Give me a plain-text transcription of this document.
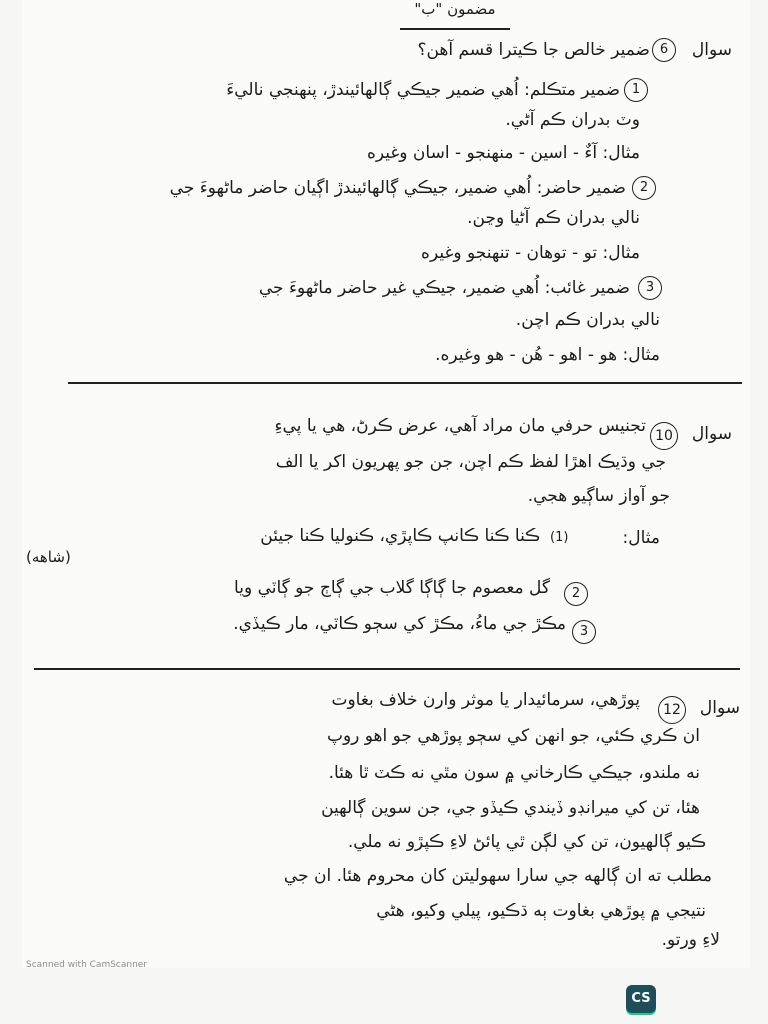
مضمون "ب"
ضمير خالص جا ڪيترا قسم آهن؟ 6	سوال
ضمير متڪلم: اُهي ضمير جيڪي ڳالهائيندڙ، پنهنجي ناليءَ 1
وٽ بدران ڪم آڻي.
مثال: آءٌ - اسين - منهنجو - اسان وغيره
ضمير حاضر: اُهي ضمير، جيڪي ڳالهائيندڙ اڳيان حاضر ماڻهوءَ جي	2
نالي بدران ڪم آڻيا وڃن.
مثال: تو - توهان - تنهنجو وغيره
ضمير غائب: اُهي ضمير، جيڪي غير حاضر ماڻهوءَ جي	3
نالي بدران ڪم اچن.
مثال: هو - اهو - هُن - هو وغيره.
تجنيس حرفي مان مراد آهي، عرض ڪرڻ، هي يا پيءِ 10	سوال
جي وڌيڪ اهڙا لفظ ڪم اچن، جن جو پهريون اکر يا الف
جو آواز ساڳيو هجي.
مثال:
(1)
ڪنا ڪنا ڪانپ ڪاپڙي، ڪنوليا ڪنا جيئن
(شاهه)
گل معصوم جا ڳاڳا گلاب جي ڳاڄ جو ڳاٽي ويا	2
مڪڙ جي ماءُ، مڪڙ کي سڄو ڪاٽي، مار ڪيڏي.	3
پوڙهي، سرمائيدار يا موثر وارن خلاف بغاوت	12	سوال
ان ڪري ڪئي، جو انهن کي سڄو پوڙهي جو اهو روپ
نه ملندو، جيڪي ڪارخاني ۾ سون مٿي نه ڪٽ ٿا هئا.
هئا، تن کي ميرانڊو ڏيندي ڪيڏو جي، جن سوين ڳالهين
ڪيو ڳالهيون، تن کي لڳن ٿي پائڻ لاءِ ڪپڙو نه ملي.
مطلب ته ان ڳالهه جي سارا سهوليتن کان محروم هئا. ان جي
نتيجي ۾ پوڙهي بغاوت ٻه ڌڪيو، پيلي وکيو، هڻي
لاءِ ورتو.
Scanned with CamScanner
CS
